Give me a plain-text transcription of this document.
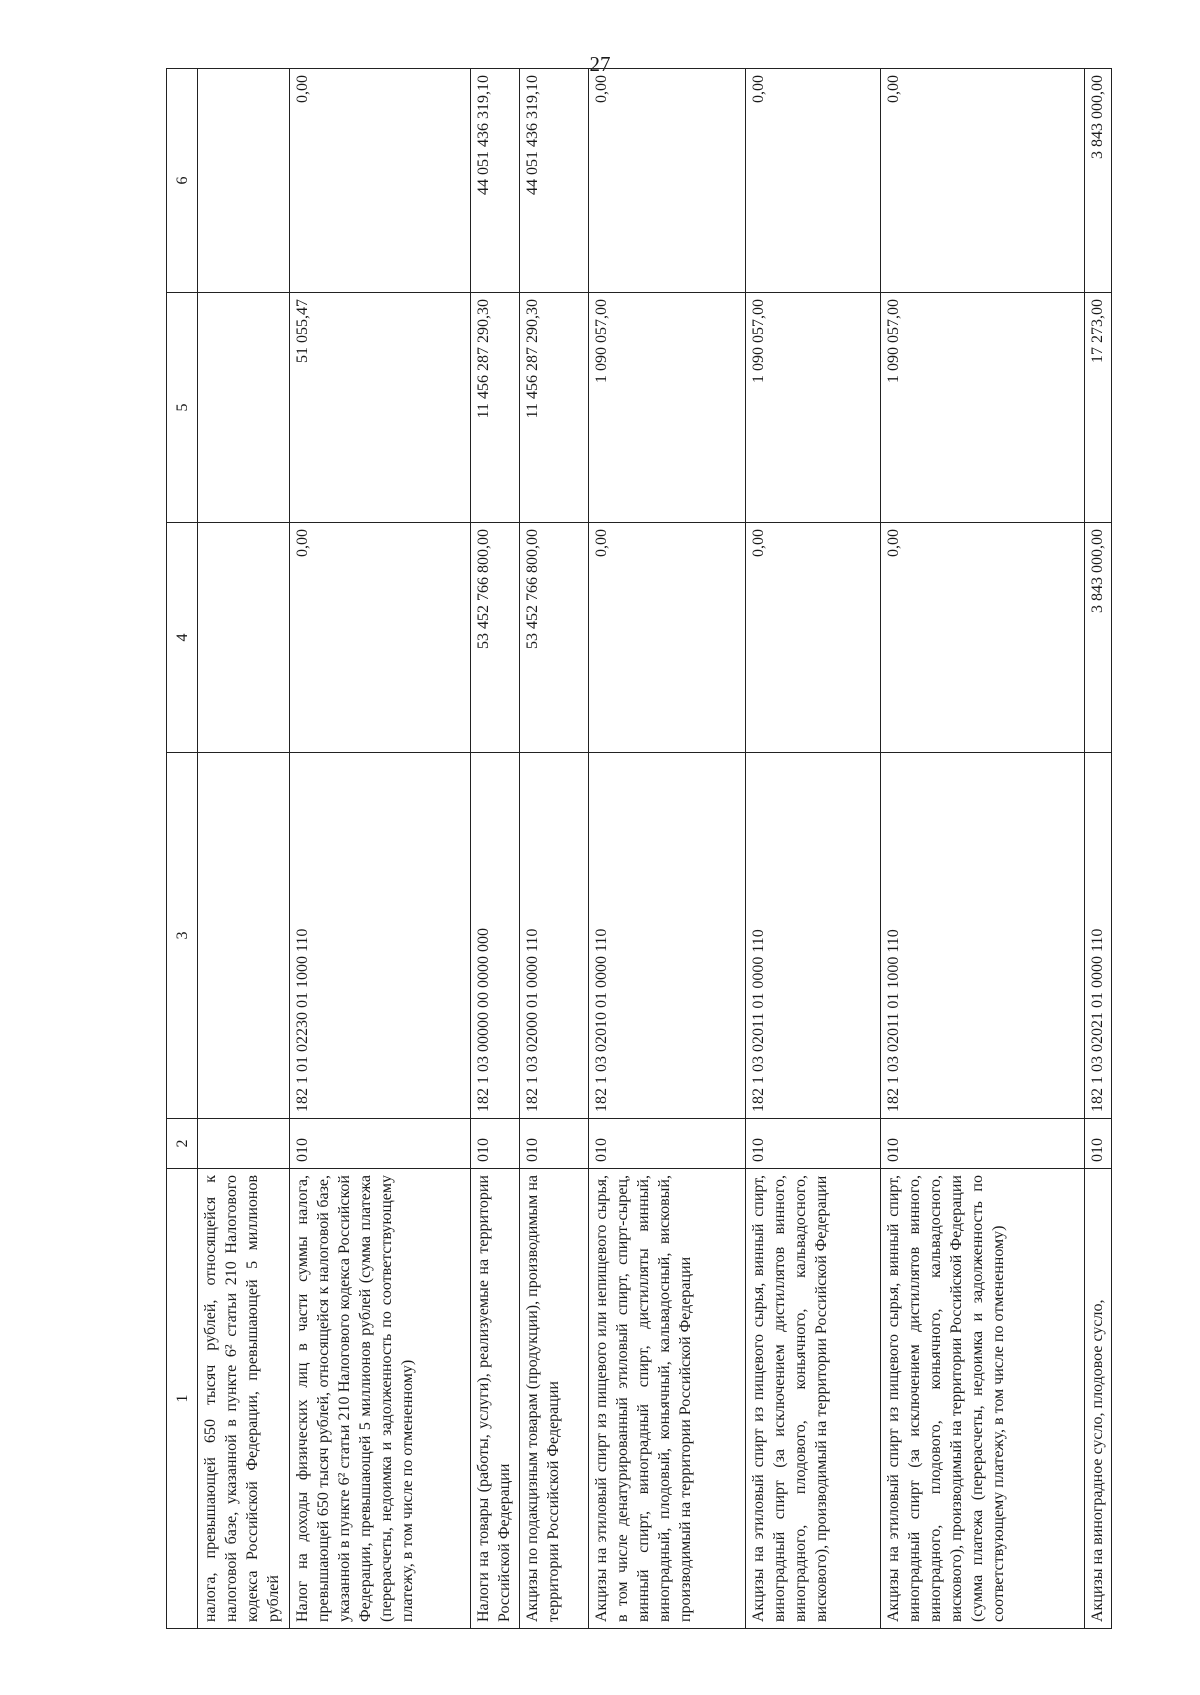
27
1	2	3	4	5	6
налога, превышающей 650 тысяч рублей, относящейся к налоговой базе, указанной в пункте 6² статьи 210 Налогового кодекса Российской Федерации, превышающей 5 миллионов рублей					
Налог на доходы физических лиц в части суммы налога, превышающей 650 тысяч рублей, относящейся к налоговой базе, указанной в пункте 6² статьи 210 Налогового кодекса Российской Федерации, превышающей 5 миллионов рублей (сумма платежа (перерасчеты, недоимка и задолженность по соответствующему платежу, в том числе по отмененному)	010	182 1 01 02230 01 1000 110	0,00	51 055,47	0,00
Налоги на товары (работы, услуги), реализуемые на территории Российской Федерации	010	182 1 03 00000 00 0000 000	53 452 766 800,00	11 456 287 290,30	44 051 436 319,10
Акцизы по подакцизным товарам (продукции), производимым на территории Российской Федерации	010	182 1 03 02000 01 0000 110	53 452 766 800,00	11 456 287 290,30	44 051 436 319,10
Акцизы на этиловый спирт из пищевого или непищевого сырья, в том числе денатурированный этиловый спирт, спирт-сырец, винный спирт, виноградный спирт, дистилляты винный, виноградный, плодовый, коньячный, кальвадосный, висковый, производимый на территории Российской Федерации	010	182 1 03 02010 01 0000 110	0,00	1 090 057,00	0,00
Акцизы на этиловый спирт из пищевого сырья, винный спирт, виноградный спирт (за исключением дистиллятов винного, виноградного, плодового, коньячного, кальвадосного, вискового), производимый на территории Российской Федерации	010	182 1 03 02011 01 0000 110	0,00	1 090 057,00	0,00
Акцизы на этиловый спирт из пищевого сырья, винный спирт, виноградный спирт (за исключением дистиллятов винного, виноградного, плодового, коньячного, кальвадосного, вискового), производимый на территории Российской Федерации (сумма платежа (перерасчеты, недоимка и задолженность по соответствующему платежу, в том числе по отмененному)	010	182 1 03 02011 01 1000 110	0,00	1 090 057,00	0,00
Акцизы на виноградное сусло, плодовое сусло,	010	182 1 03 02021 01 0000 110	3 843 000,00	17 273,00	3 843 000,00
